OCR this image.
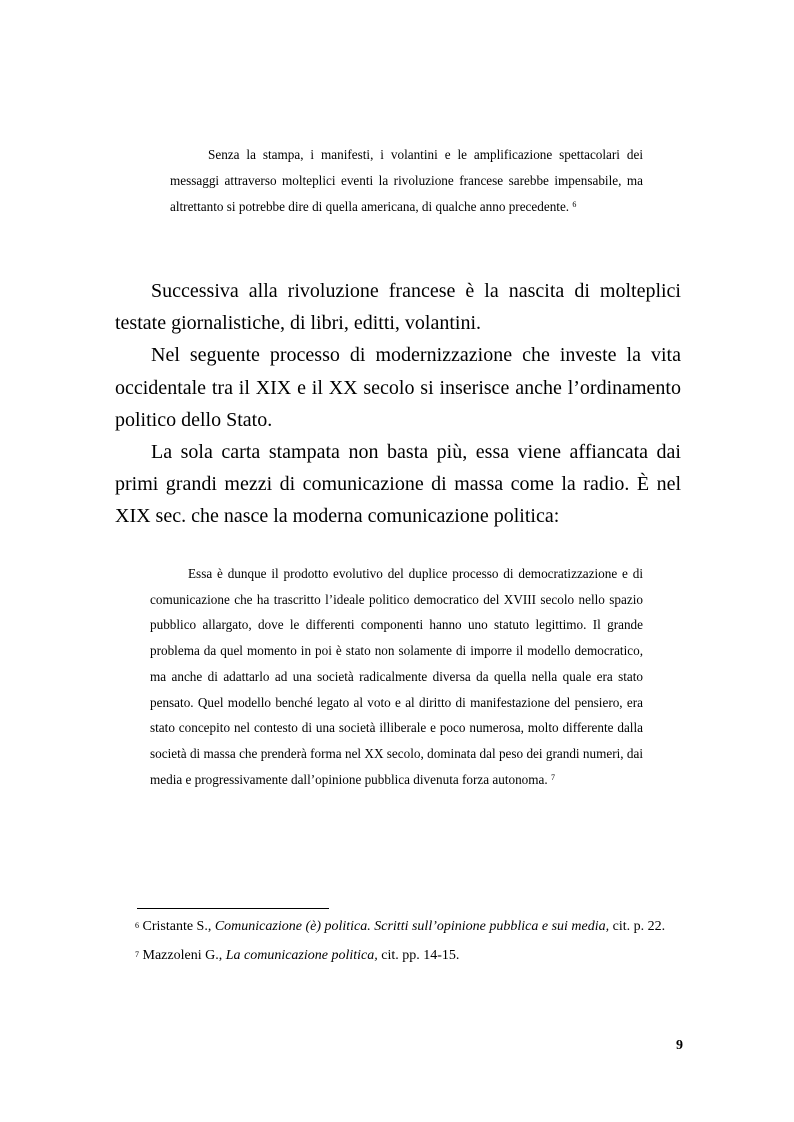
Senza la stampa, i manifesti, i volantini e le amplificazione spettacolari dei messaggi attraverso molteplici eventi la rivoluzione francese sarebbe impensabile, ma altrettanto si potrebbe dire di quella americana, di qualche anno precedente. $^6$

Successiva alla rivoluzione francese è la nascita di molteplici testate giornalistiche, di libri, editti, volantini.

Nel seguente processo di modernizzazione che investe la vita occidentale tra il XIX e il XX secolo si inserisce anche l’ordinamento politico dello Stato.

La sola carta stampata non basta più, essa viene affiancata dai primi grandi mezzi di comunicazione di massa come la radio. È nel XIX sec. che nasce la moderna comunicazione politica:

Essa è dunque il prodotto evolutivo del duplice processo di democratizzazione e di comunicazione che ha trascritto l’ideale politico democratico del XVIII secolo nello spazio pubblico allargato, dove le differenti componenti hanno uno statuto legittimo. Il grande problema da quel momento in poi è stato non solamente di imporre il modello democratico, ma anche di adattarlo ad una società radicalmente diversa da quella nella quale era stato pensato. Quel modello benché legato al voto e al diritto di manifestazione del pensiero, era stato concepito nel contesto di una società illiberale e poco numerosa, molto differente dalla società di massa che prenderà forma nel XX secolo, dominata dal peso dei grandi numeri, dai media e progressivamente dall’opinione pubblica divenuta forza autonoma. $^7$

$^6$ Cristante S., Comunicazione (è) politica. Scritti sull’opinione pubblica e sui media, cit. p. 22.

$^7$ Mazzoleni G., La comunicazione politica, cit. pp. 14-15.

9
